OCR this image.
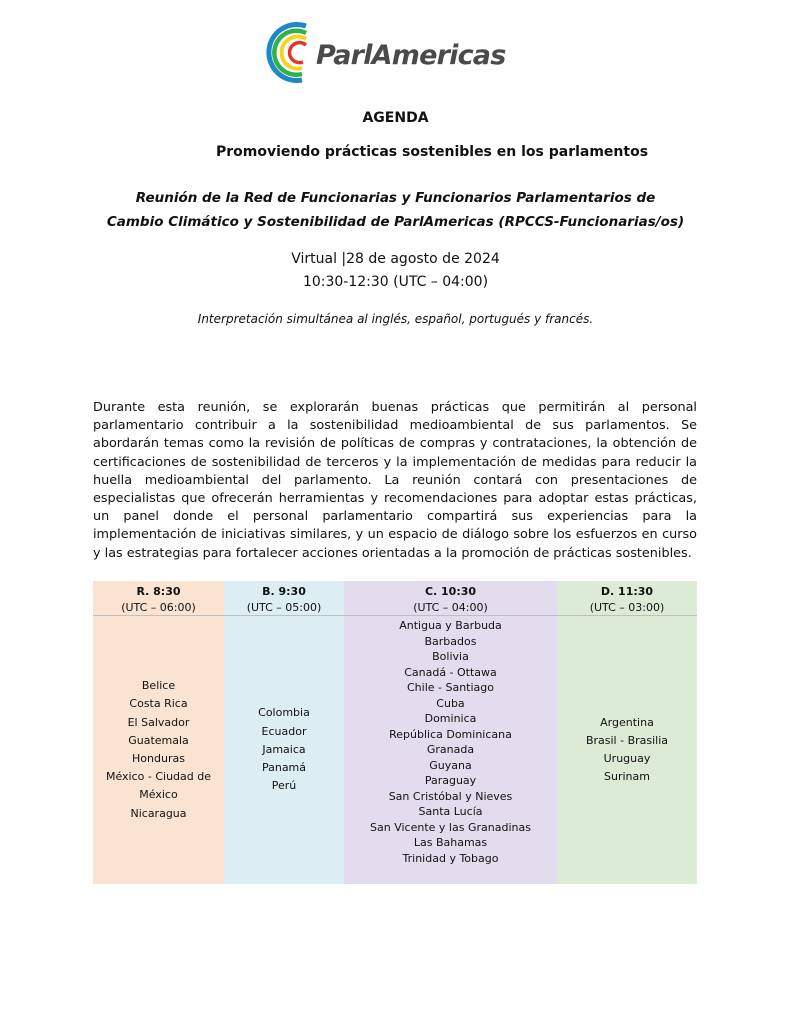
ParlAmericas
AGENDA
Promoviendo prácticas sostenibles en los parlamentos
Reunión de la Red de Funcionarias y Funcionarios Parlamentarios de
Cambio Climático y Sostenibilidad de ParlAmericas (RPCCS-Funcionarias/os)
Virtual |28 de agosto de 2024
10:30-12:30 (UTC – 04:00)
Interpretación simultánea al inglés, español, portugués y francés.

Durante esta reunión, se explorarán buenas prácticas que permitirán al personal parlamentario contribuir a la sostenibilidad medioambiental de sus parlamentos. Se abordarán temas como la revisión de políticas de compras y contrataciones, la obtención de certificaciones de sostenibilidad de terceros y la implementación de medidas para reducir la huella medioambiental del parlamento. La reunión contará con presentaciones de especialistas que ofrecerán herramientas y recomendaciones para adoptar estas prácticas, un panel donde el personal parlamentario compartirá sus experiencias para la implementación de iniciativas similares, y un espacio de diálogo sobre los esfuerzos en curso y las estrategias para fortalecer acciones orientadas a la promoción de prácticas sostenibles.

R. 8:30
(UTC – 06:00)
Belice
Costa Rica
El Salvador
Guatemala
Honduras
México - Ciudad de
México
Nicaragua
B. 9:30
(UTC – 05:00)
Colombia
Ecuador
Jamaica
Panamá
Perú
C. 10:30
(UTC – 04:00)
Antigua y Barbuda
Barbados
Bolivia
Canadá - Ottawa
Chile - Santiago
Cuba
Dominica
República Dominicana
Granada
Guyana
Paraguay
San Cristóbal y Nieves
Santa Lucía
San Vicente y las Granadinas
Las Bahamas
Trinidad y Tobago
D. 11:30
(UTC – 03:00)
Argentina
Brasil - Brasilia
Uruguay
Surinam
